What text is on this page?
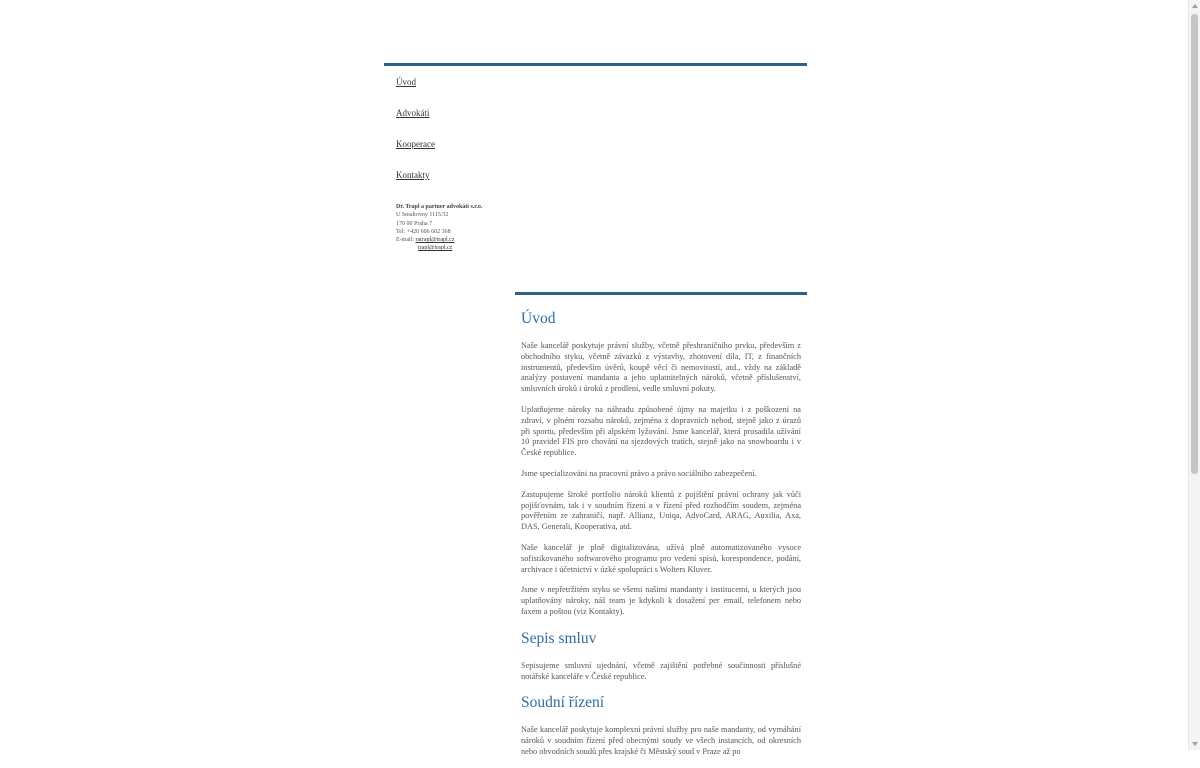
Úvod
Advokáti
Kooperace
Kontakty
Dr. Trapl a partner advokáti s.r.o.
U Smaltovny 1115/32
170 00 Praha 7
Tel: +420 606 602 368
E-mail: ratrapl@trapl.cz
trapl@trapl.cz
Úvod

Naše kancelář poskytuje právní služby, včetně přeshraničního prvku, především z obchodního styku, včetně závazků z výstavby, zhotovení díla, IT, z finančních instrumentů, především úvěrů, koupě věcí či nemovitostí, atd., vždy na základě analýzy postavení mandanta a jeho uplatnitelných nároků, včetně příslušenství, smluvních úroků i úroků z prodlení, vedle smluvní pokuty.

Uplatňujeme nároky na náhradu způsobené újmy na majetku i z poškození na zdraví, v plném rozsahu nároků, zejména z dopravních nehod, stejně jako z úrazů při sportu, především při alpském lyžování. Jsme kancelář, která prosadila užívání 10 pravidel FIS pro chování na sjezdových tratích, stejně jako na snowboardu i v České republice.

Jsme specializováni na pracovní právo a právo sociálního zabezpečení.

Zastupujeme široké portfolio nároků klientů z pojištění právní ochrany jak vůči pojišťovnám, tak i v soudním řízení a v řízení před rozhodčím soudem, zejména pověřením ze zahraničí, např. Allianz, Uniqa, AdvoCard, ARAG, Auxilia, Axa, DAS, Generali, Kooperativa, atd.

Naše kancelář je plně digitalizována, užívá plně automatizovaného vysoce sofistikovaného softwarového programu pro vedení spisů, korespondence, podání, archivace i účetnictví v úzké spolupráci s Wolters Kluver.

Jsme v nepřetržitém styku se všemi našimi mandanty i institucemi, u kterých jsou uplatňovány nároky, náš team je kdykoli k dosažení per email, telefonem nebo faxem a poštou (viz Kontakty).

Sepis smluv

Sepisujeme smluvní ujednání, včetně zajištění potřebné součinnosti příslušné notářské kanceláře v České republice.

Soudní řízení

Naše kancelář poskytuje komplexní právní služby pro naše mandanty, od vymáhání nároků v soudním řízení před obecnými soudy ve všech instancích, od okresních nebo obvodních soudů přes krajské či Městský soud v Praze až po
